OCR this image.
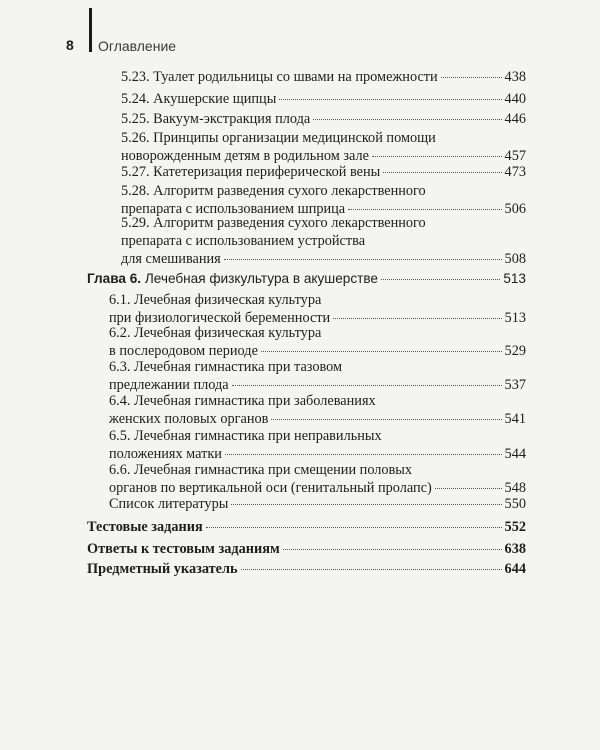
8 Оглавление
5.23. Туалет родильницы со швами на промежности	438
5.24. Акушерские щипцы	440
5.25. Вакуум-экстракция плода	446
5.26. Принципы организации медицинской помощи
новорожденным детям в родильном зале	457
5.27. Катетеризация периферической вены	473
5.28. Алгоритм разведения сухого лекарственного
препарата с использованием шприца	506
5.29. Алгоритм разведения сухого лекарственного
препарата с использованием устройства
для смешивания	508
Глава 6.
Лечебная физкультура в акушерстве	513
6.1. Лечебная физическая культура
при физиологической беременности	513
6.2. Лечебная физическая культура
в послеродовом периоде	529
6.3. Лечебная гимнастика при тазовом
предлежании плода	537
6.4. Лечебная гимнастика при заболеваниях
женских половых органов	541
6.5. Лечебная гимнастика при неправильных
положениях матки	544
6.6. Лечебная гимнастика при смещении половых
органов по вертикальной оси (генитальный пролапс)	548
Список литературы	550
Тестовые задания	552
Ответы к тестовым заданиям	638
Предметный указатель	644
